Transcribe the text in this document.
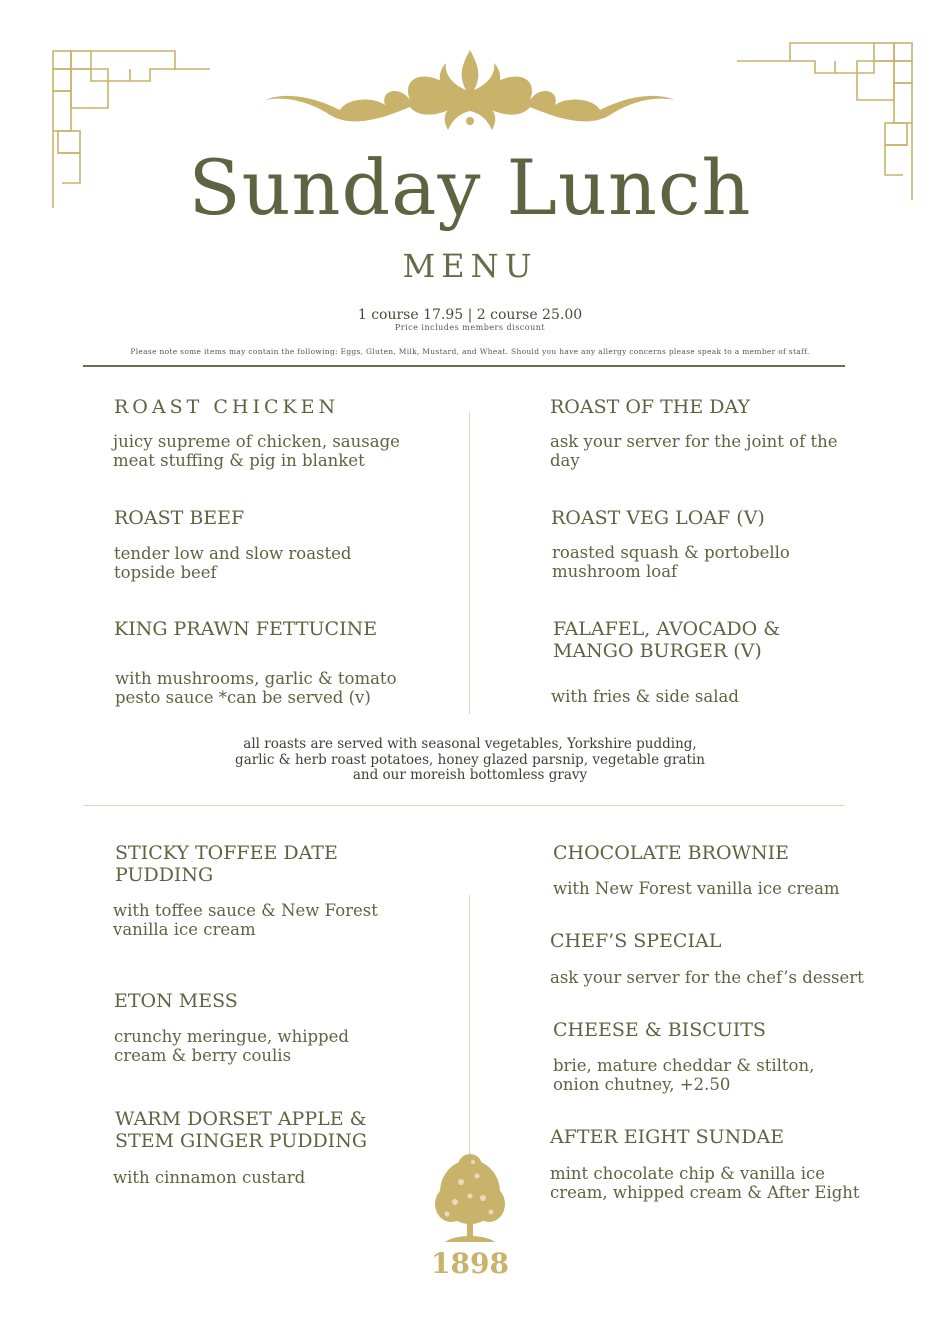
Sunday Lunch
MENU
1 course 17.95 | 2 course 25.00
Price includes members discount
Please note some items may contain the following: Eggs, Gluten, Milk, Mustard, and Wheat. Should you have any allergy concerns please speak to a member of staff.
ROAST CHICKEN
juicy supreme of chicken, sausage
meat stuffing & pig in blanket
ROAST BEEF
tender low and slow roasted
topside beef
KING PRAWN FETTUCINE
with mushrooms, garlic & tomato
pesto sauce *can be served (v)
ROAST OF THE DAY
ask your server for the joint of the
day
ROAST VEG LOAF (V)
roasted squash & portobello
mushroom loaf
FALAFEL, AVOCADO &
MANGO BURGER (V)
with fries & side salad
all roasts are served with seasonal vegetables, Yorkshire pudding,
garlic & herb roast potatoes, honey glazed parsnip, vegetable gratin
and our moreish bottomless gravy
STICKY TOFFEE DATE
PUDDING
with toffee sauce & New Forest
vanilla ice cream
ETON MESS
crunchy meringue, whipped
cream & berry coulis
WARM DORSET APPLE &
STEM GINGER PUDDING
with cinnamon custard
CHOCOLATE BROWNIE
with New Forest vanilla ice cream
CHEF’S SPECIAL
ask your server for the chef’s dessert
CHEESE & BISCUITS
brie, mature cheddar & stilton,
onion chutney, +2.50
AFTER EIGHT SUNDAE
mint chocolate chip & vanilla ice
cream, whipped cream & After Eight
1898
